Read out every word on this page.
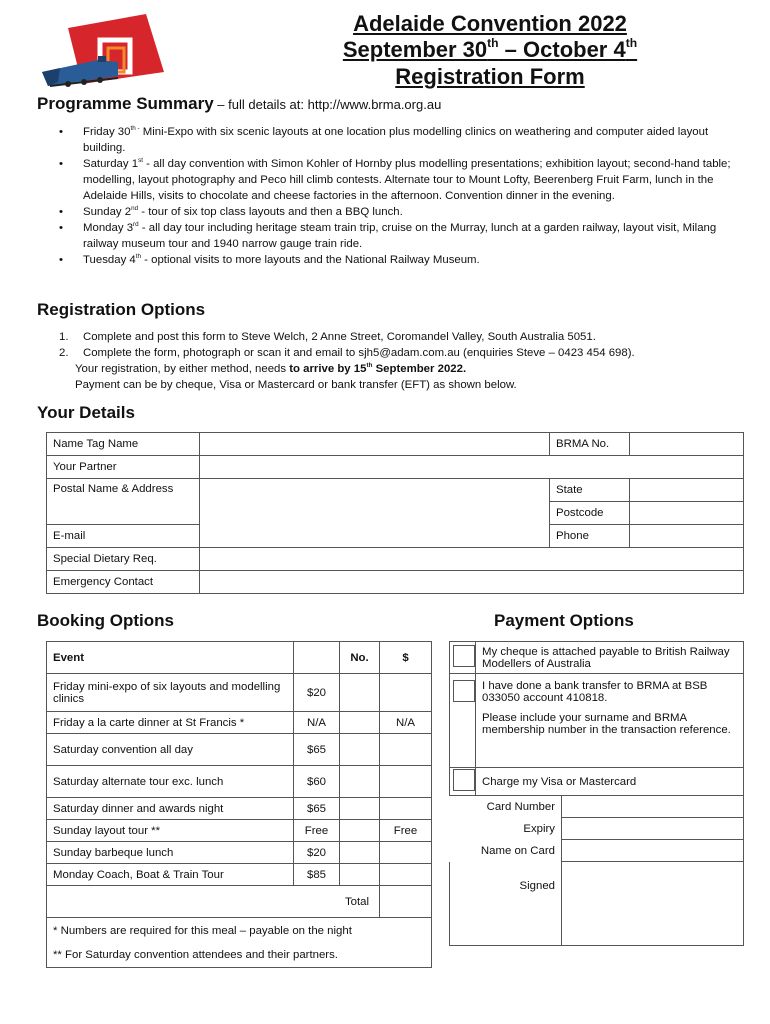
Adelaide Convention 2022
September 30th – October 4th
Registration Form
Programme Summary – full details at: http://www.brma.org.au
• Friday $30^{th -}$ Mini-Expo with six scenic layouts at one location plus modelling clinics on weathering and computer aided layout building.
• Saturday 1st - all day convention with Simon Kohler of Hornby plus modelling presentations; exhibition layout; second-hand table; modelling, layout photography and Peco hill climb contests. Alternate tour to Mount Lofty, Beerenberg Fruit Farm, lunch in the Adelaide Hills, visits to chocolate and cheese factories in the afternoon. Convention dinner in the evening.
• Sunday 2nd - tour of six top class layouts and then a BBQ lunch.
• Monday 3rd - all day tour including heritage steam train trip, cruise on the Murray, lunch at a garden railway, layout visit, Milang railway museum tour and 1940 narrow gauge train ride.
• Tuesday 4th - optional visits to more layouts and the National Railway Museum.
Registration Options
1. Complete and post this form to Steve Welch, 2 Anne Street, Coromandel Valley, South Australia 5051.
2. Complete the form, photograph or scan it and email to sjh5@adam.com.au (enquiries Steve – 0423 454 698).
Your registration, by either method, needs to arrive by 15th September 2022.
Payment can be by cheque, Visa or Mastercard or bank transfer (EFT) as shown below.
Your Details
Name Tag Name		BRMA No.	
Your Partner			
Postal Name & Address		State	
		Postcode	
E-mail		Phone	
Special Dietary Req.			
Emergency Contact			
Booking Options
Event		No.	$
Friday mini-expo of six layouts and modelling clinics	$20		
Friday a la carte dinner at St Francis *	N/A		N/A
Saturday convention all day	$65		
Saturday alternate tour exc. lunch	$60		
Saturday dinner and awards night	$65		
Sunday layout tour **	Free		Free
Sunday barbeque lunch	$20		
Monday Coach, Boat & Train Tour	$85		
Total			

* Numbers are required for this meal – payable on the night
** For Saturday convention attendees and their partners.			
Payment Options
	My cheque is attached payable to British Railway Modellers of Australia	

	I have done a bank transfer to BRMA at BSB 033050 account 410818.
Please include your surname and BRMA membership number in the transaction reference.	

	Charge my Visa or Mastercard	
Card Number		
Expiry		
Name on Card		
Signed		
